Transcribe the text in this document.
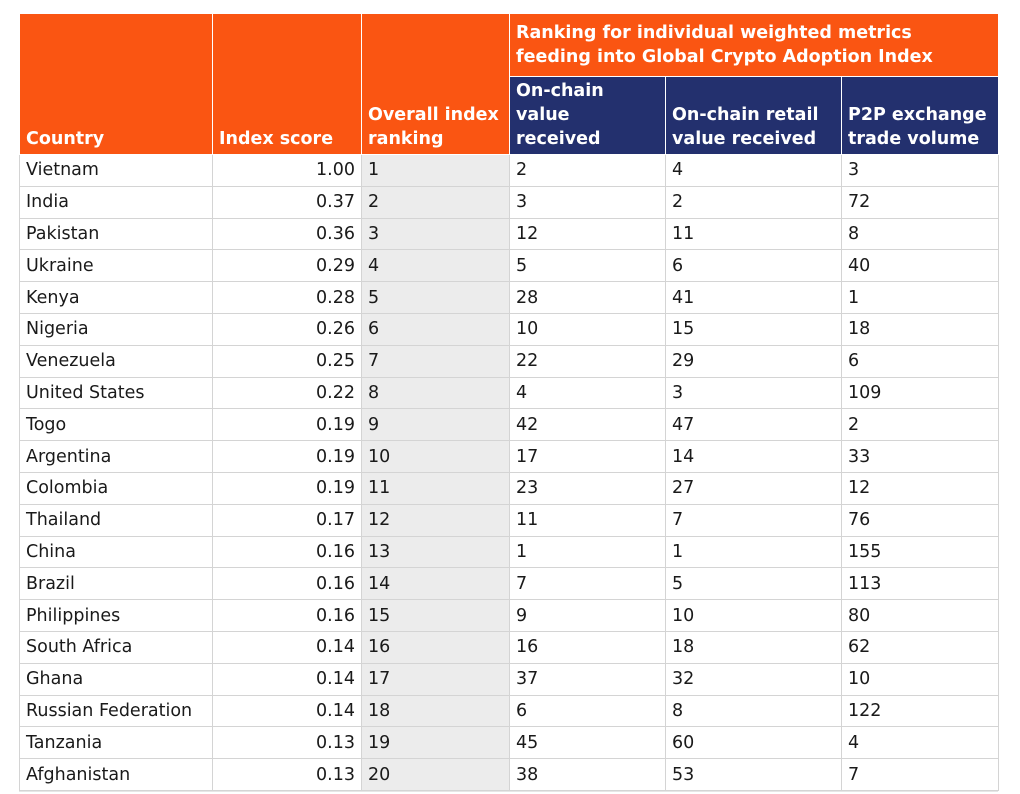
Country	Index score	Overall index ranking	Ranking for individual weighted metrics feeding into Global Crypto Adoption Index		
			On-chain value received	On-chain retail value received	P2P exchange trade volume
Vietnam	1.00	1	2	4	3
India	0.37	2	3	2	72
Pakistan	0.36	3	12	11	8
Ukraine	0.29	4	5	6	40
Kenya	0.28	5	28	41	1
Nigeria	0.26	6	10	15	18
Venezuela	0.25	7	22	29	6
United States	0.22	8	4	3	109
Togo	0.19	9	42	47	2
Argentina	0.19	10	17	14	33
Colombia	0.19	11	23	27	12
Thailand	0.17	12	11	7	76
China	0.16	13	1	1	155
Brazil	0.16	14	7	5	113
Philippines	0.16	15	9	10	80
South Africa	0.14	16	16	18	62
Ghana	0.14	17	37	32	10
Russian Federation	0.14	18	6	8	122
Tanzania	0.13	19	45	60	4
Afghanistan	0.13	20	38	53	7
